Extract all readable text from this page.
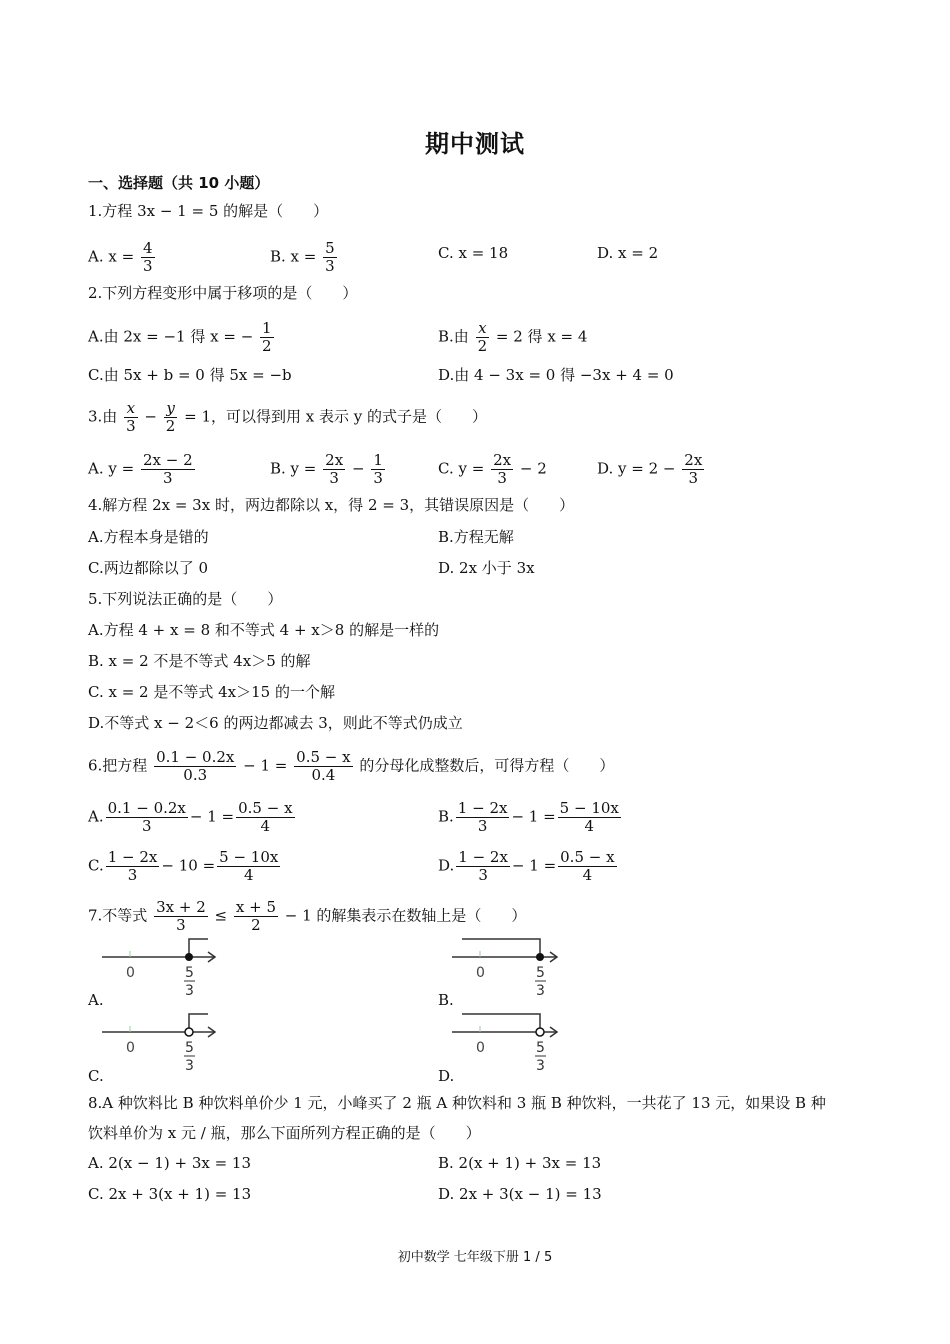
期中测试
一、选择题（共 10 小题）
1.方程 3x − 1 = 5 的解是（　　）
A. $x = \frac{4}{3}$	B. $x = \frac{5}{3}$	C. x = 18	D. x = 2
2.下列方程变形中属于移项的是（　　）
A.由 2x = −1 得 x = − $\frac{1}{2}$	B.由 $\frac{x}{2} = 2$ 得 x = 4
C.由 5x + b = 0 得 5x = −b	D.由 4 − 3x = 0 得 −3x + 4 = 0
3.由 $\frac{x}{3} - \frac{y}{2} = 1$，可以得到用 x 表示 y 的式子是（　　）
A. $y = \frac{2x - 2}{3}$	B. $y = \frac{2x}{3} - \frac{1}{3}$	C. $y = \frac{2x}{3} - 2$	D. $y = 2 - \frac{2x}{3}$
4.解方程 2x = 3x 时，两边都除以 x，得 2 = 3，其错误原因是（　　）
A.方程本身是错的	B.方程无解
C.两边都除以了 0	D. 2x 小于 3x
5.下列说法正确的是（　　）
A.方程 4 + x = 8 和不等式 4 + x＞8 的解是一样的
B. x = 2 不是不等式 4x＞5 的解
C. x = 2 是不等式 4x＞15 的一个解
D.不等式 x − 2＜6 的两边都减去 3，则此不等式仍成立
6.把方程 $\frac{0.1 - 0.2x}{0.3} - 1 = \frac{0.5 - x}{0.4}$ 的分母化成整数后，可得方程（　　）
A. $\frac{0.1 - 0.2x}{3} - 1 = \frac{0.5 - x}{4}$	B. $\frac{1 - 2x}{3} - 1 = \frac{5 - 10x}{4}$
C. $\frac{1 - 2x}{3} - 10 = \frac{5 - 10x}{4}$	D. $\frac{1 - 2x}{3} - 1 = \frac{0.5 - x}{4}$
7.不等式 $\frac{3x + 2}{3} \le \frac{x + 5}{2} - 1$ 的解集表示在数轴上是（　　）
0	5
3
A.
0	5
3
B.
0	5
3
C.
0	5
3
D.
8.A 种饮料比 B 种饮料单价少 1 元，小峰买了 2 瓶 A 种饮料和 3 瓶 B 种饮料，一共花了 13 元，如果设 B 种
饮料单价为 x 元 / 瓶，那么下面所列方程正确的是（　　）
A. 2(x − 1) + 3x = 13	B. 2(x + 1) + 3x = 13
C. 2x + 3(x + 1) = 13	D. 2x + 3(x − 1) = 13
初中数学 七年级下册 1 / 5
